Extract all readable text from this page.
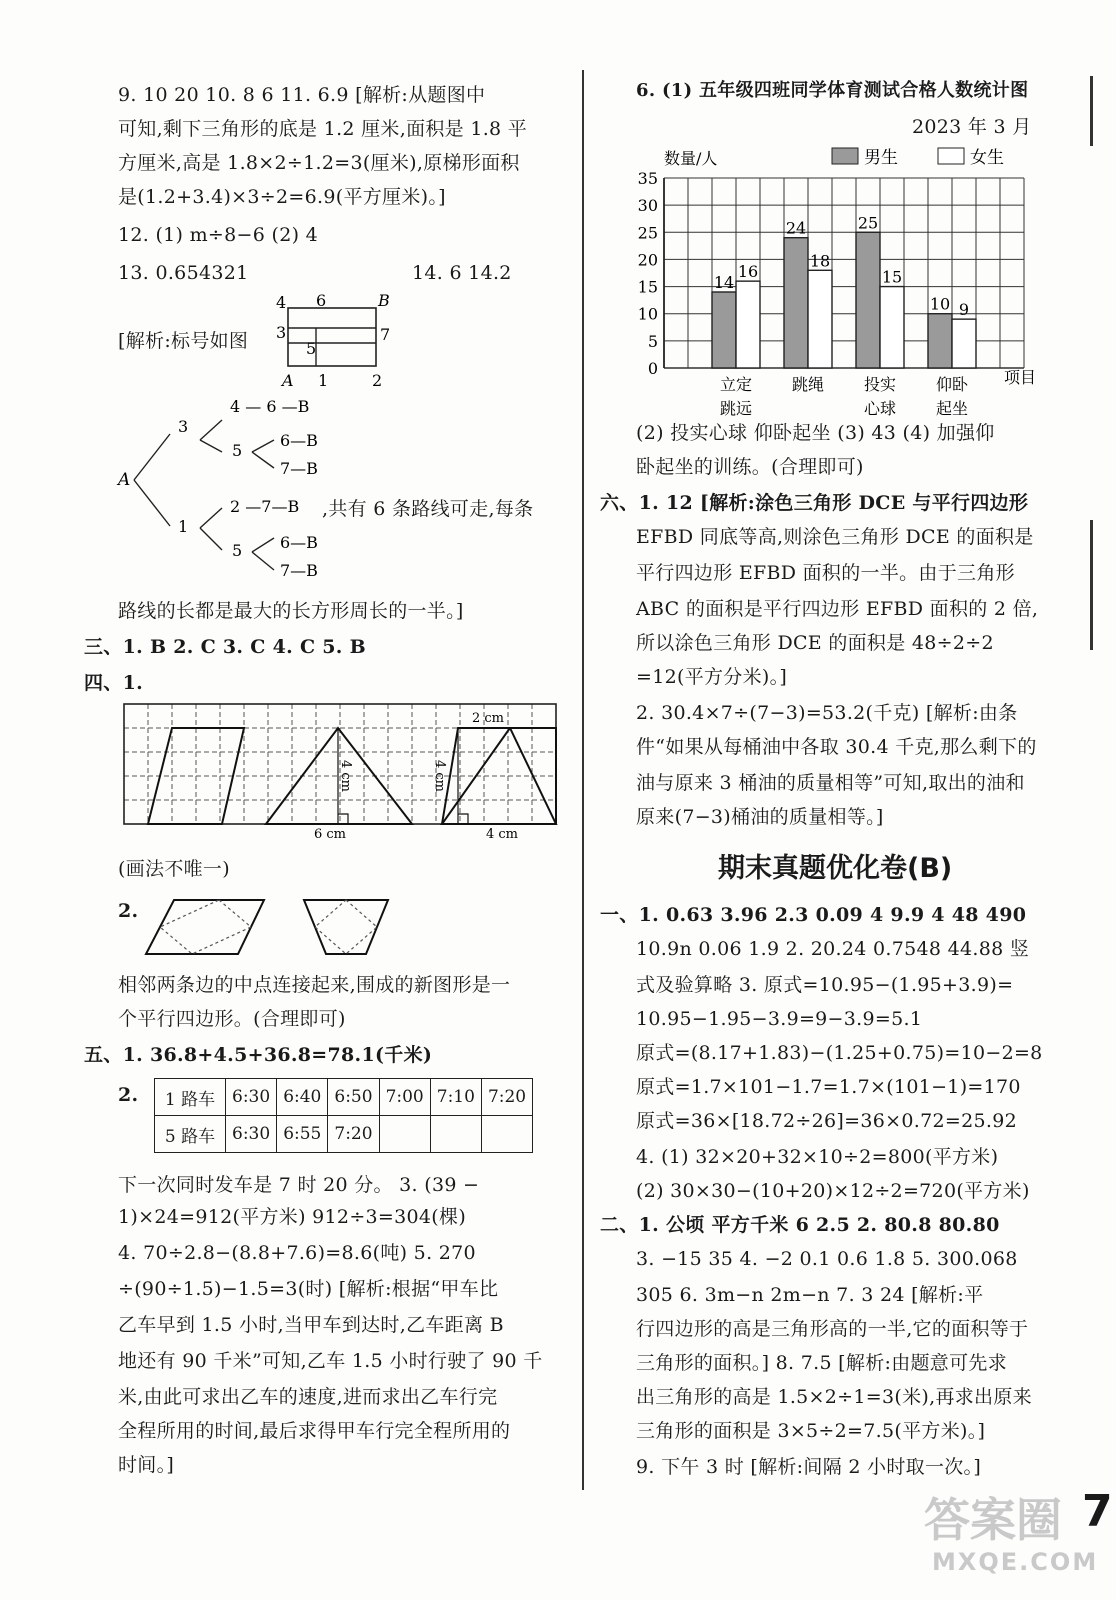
9. 10 20 10. 8 6 11. 6.9 [解析:从题图中
可知,剩下三角形的底是 1.2 厘米,面积是 1.8 平
方厘米,高是 1.8×2÷1.2=3(厘米),原梯形面积
是(1.2+3.4)×3÷2=6.9(平方厘米)。]
12. (1) m÷8−6 (2) 4
13. 0.654321	14. 6 14.2
[解析:标号如图
4 6	B
3	7
5
A 1	2
A
3
1
4 — 6 —B
5
6—B
7—B
2 —7—B
5 6—B
7—B
,共有 6 条路线可走,每条
路线的长都是最大的长方形周长的一半。]
三、1. B 2. C 3. C 4. C 5. B
四、1.
6 cm
4 cm
2 cm
4 cm
4 cm
(画法不唯一)
2.
相邻两条边的中点连接起来,围成的新图形是一
个平行四边形。(合理即可)
五、1. 36.8+4.5+36.8=78.1(千米)
2. 1 路车	6:30	6:40	6:50	7:00	7:10	7:20
5 路车	6:30	6:55	7:20			
下一次同时发车是 7 时 20 分。 3. (39 −
1)×24=912(平方米) 912÷3=304(棵)
4. 70÷2.8−(8.8+7.6)=8.6(吨) 5. 270
÷(90÷1.5)−1.5=3(时) [解析:根据“甲车比
乙车早到 1.5 小时,当甲车到达时,乙车距离 B
地还有 90 千米”可知,乙车 1.5 小时行驶了 90 千
米,由此可求出乙车的速度,进而求出乙车行完
全程所用的时间,最后求得甲车行完全程所用的
时间。]
6. (1) 五年级四班同学体育测试合格人数统计图
2023 年 3 月
0
5
10
15
20
25
30
35
14
16
立定
跳远
24
18
跳绳
25
15
投实
心球
10 9
仰卧
起坐
数量/人	男生	女生
项目
(2) 投实心球 仰卧起坐 (3) 43 (4) 加强仰
卧起坐的训练。(合理即可)
六、1. 12 [解析:涂色三角形 DCE 与平行四边形
EFBD 同底等高,则涂色三角形 DCE 的面积是
平行四边形 EFBD 面积的一半。由于三角形
ABC 的面积是平行四边形 EFBD 面积的 2 倍,
所以涂色三角形 DCE 的面积是 48÷2÷2
=12(平方分米)。]
2. 30.4×7÷(7−3)=53.2(千克) [解析:由条
件“如果从每桶油中各取 30.4 千克,那么剩下的
油与原来 3 桶油的质量相等”可知,取出的油和
原来(7−3)桶油的质量相等。]
期末真题优化卷(B)
一、1. 0.63 3.96 2.3 0.09 4 9.9 4 48 490
10.9n 0.06 1.9 2. 20.24 0.7548 44.88 竖
式及验算略 3. 原式=10.95−(1.95+3.9)=
10.95−1.95−3.9=9−3.9=5.1
原式=(8.17+1.83)−(1.25+0.75)=10−2=8
原式=1.7×101−1.7=1.7×(101−1)=170
原式=36×[18.72÷26]=36×0.72=25.92
4. (1) 32×20+32×10÷2=800(平方米)
(2) 30×30−(10+20)×12÷2=720(平方米)
二、1. 公顷 平方千米 6 2.5 2. 80.8 80.80
3. −15 35 4. −2 0.1 0.6 1.8 5. 300.068
305 6. 3m−n 2m−n 7. 3 24 [解析:平
行四边形的高是三角形高的一半,它的面积等于
三角形的面积。] 8. 7.5 [解析:由题意可先求
出三角形的高是 1.5×2÷1=3(米),再求出原来
三角形的面积是 3×5÷2=7.5(平方米)。]
9. 下午 3 时 [解析:间隔 2 小时取一次。]
答案圈
MXQE.COM
7
